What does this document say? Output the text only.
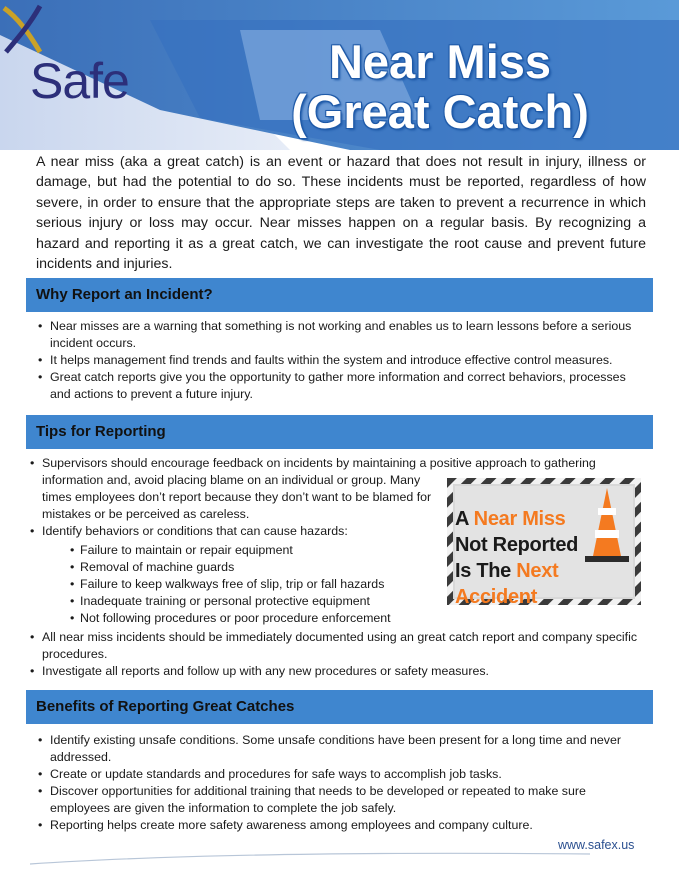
Safe	Near Miss
(Great Catch)
A near miss (aka a great catch) is an event or hazard that does not result in injury, illness or damage, but had the potential to do so. These incidents must be reported, regardless of how severe, in order to ensure that the appropriate steps are taken to prevent a recurrence in which serious injury or loss may occur. Near misses happen on a regular basis. By recognizing a hazard and reporting it as a great catch, we can investigate the root cause and prevent future incidents and injuries.
Why Report an Incident?
• Near misses are a warning that something is not working and enables us to learn lessons before a serious incident occurs.
• It helps management find trends and faults within the system and introduce effective control measures.
• Great catch reports give you the opportunity to gather more information and correct behaviors, processes and actions to prevent a future injury.
Tips for Reporting
• Supervisors should encourage feedback on incidents by maintaining a positive approach to gathering information and, avoid placing blame on an individual or group. Many
times employees don’t report because they don’t want to be blamed for mistakes or be perceived as careless.
• Identify behaviors or conditions that can cause hazards:
• Failure to maintain or repair equipment
• Removal of machine guards
• Failure to keep walkways free of slip, trip or fall hazards
• Inadequate training or personal protective equipment
• Not following procedures or poor procedure enforcement
• All near miss incidents should be immediately documented using an great catch report and company specific procedures.
• Investigate all reports and follow up with any new procedures or safety measures.
A Near Miss
Not Reported
Is The Next Accident
Benefits of Reporting Great Catches
• Identify existing unsafe conditions. Some unsafe conditions have been present for a long time and never addressed.
• Create or update standards and procedures for safe ways to accomplish job tasks.
• Discover opportunities for additional training that needs to be developed or repeated to make sure employees are given the information to complete the job safely.
• Reporting helps create more safety awareness among employees and company culture.
www.safex.us
